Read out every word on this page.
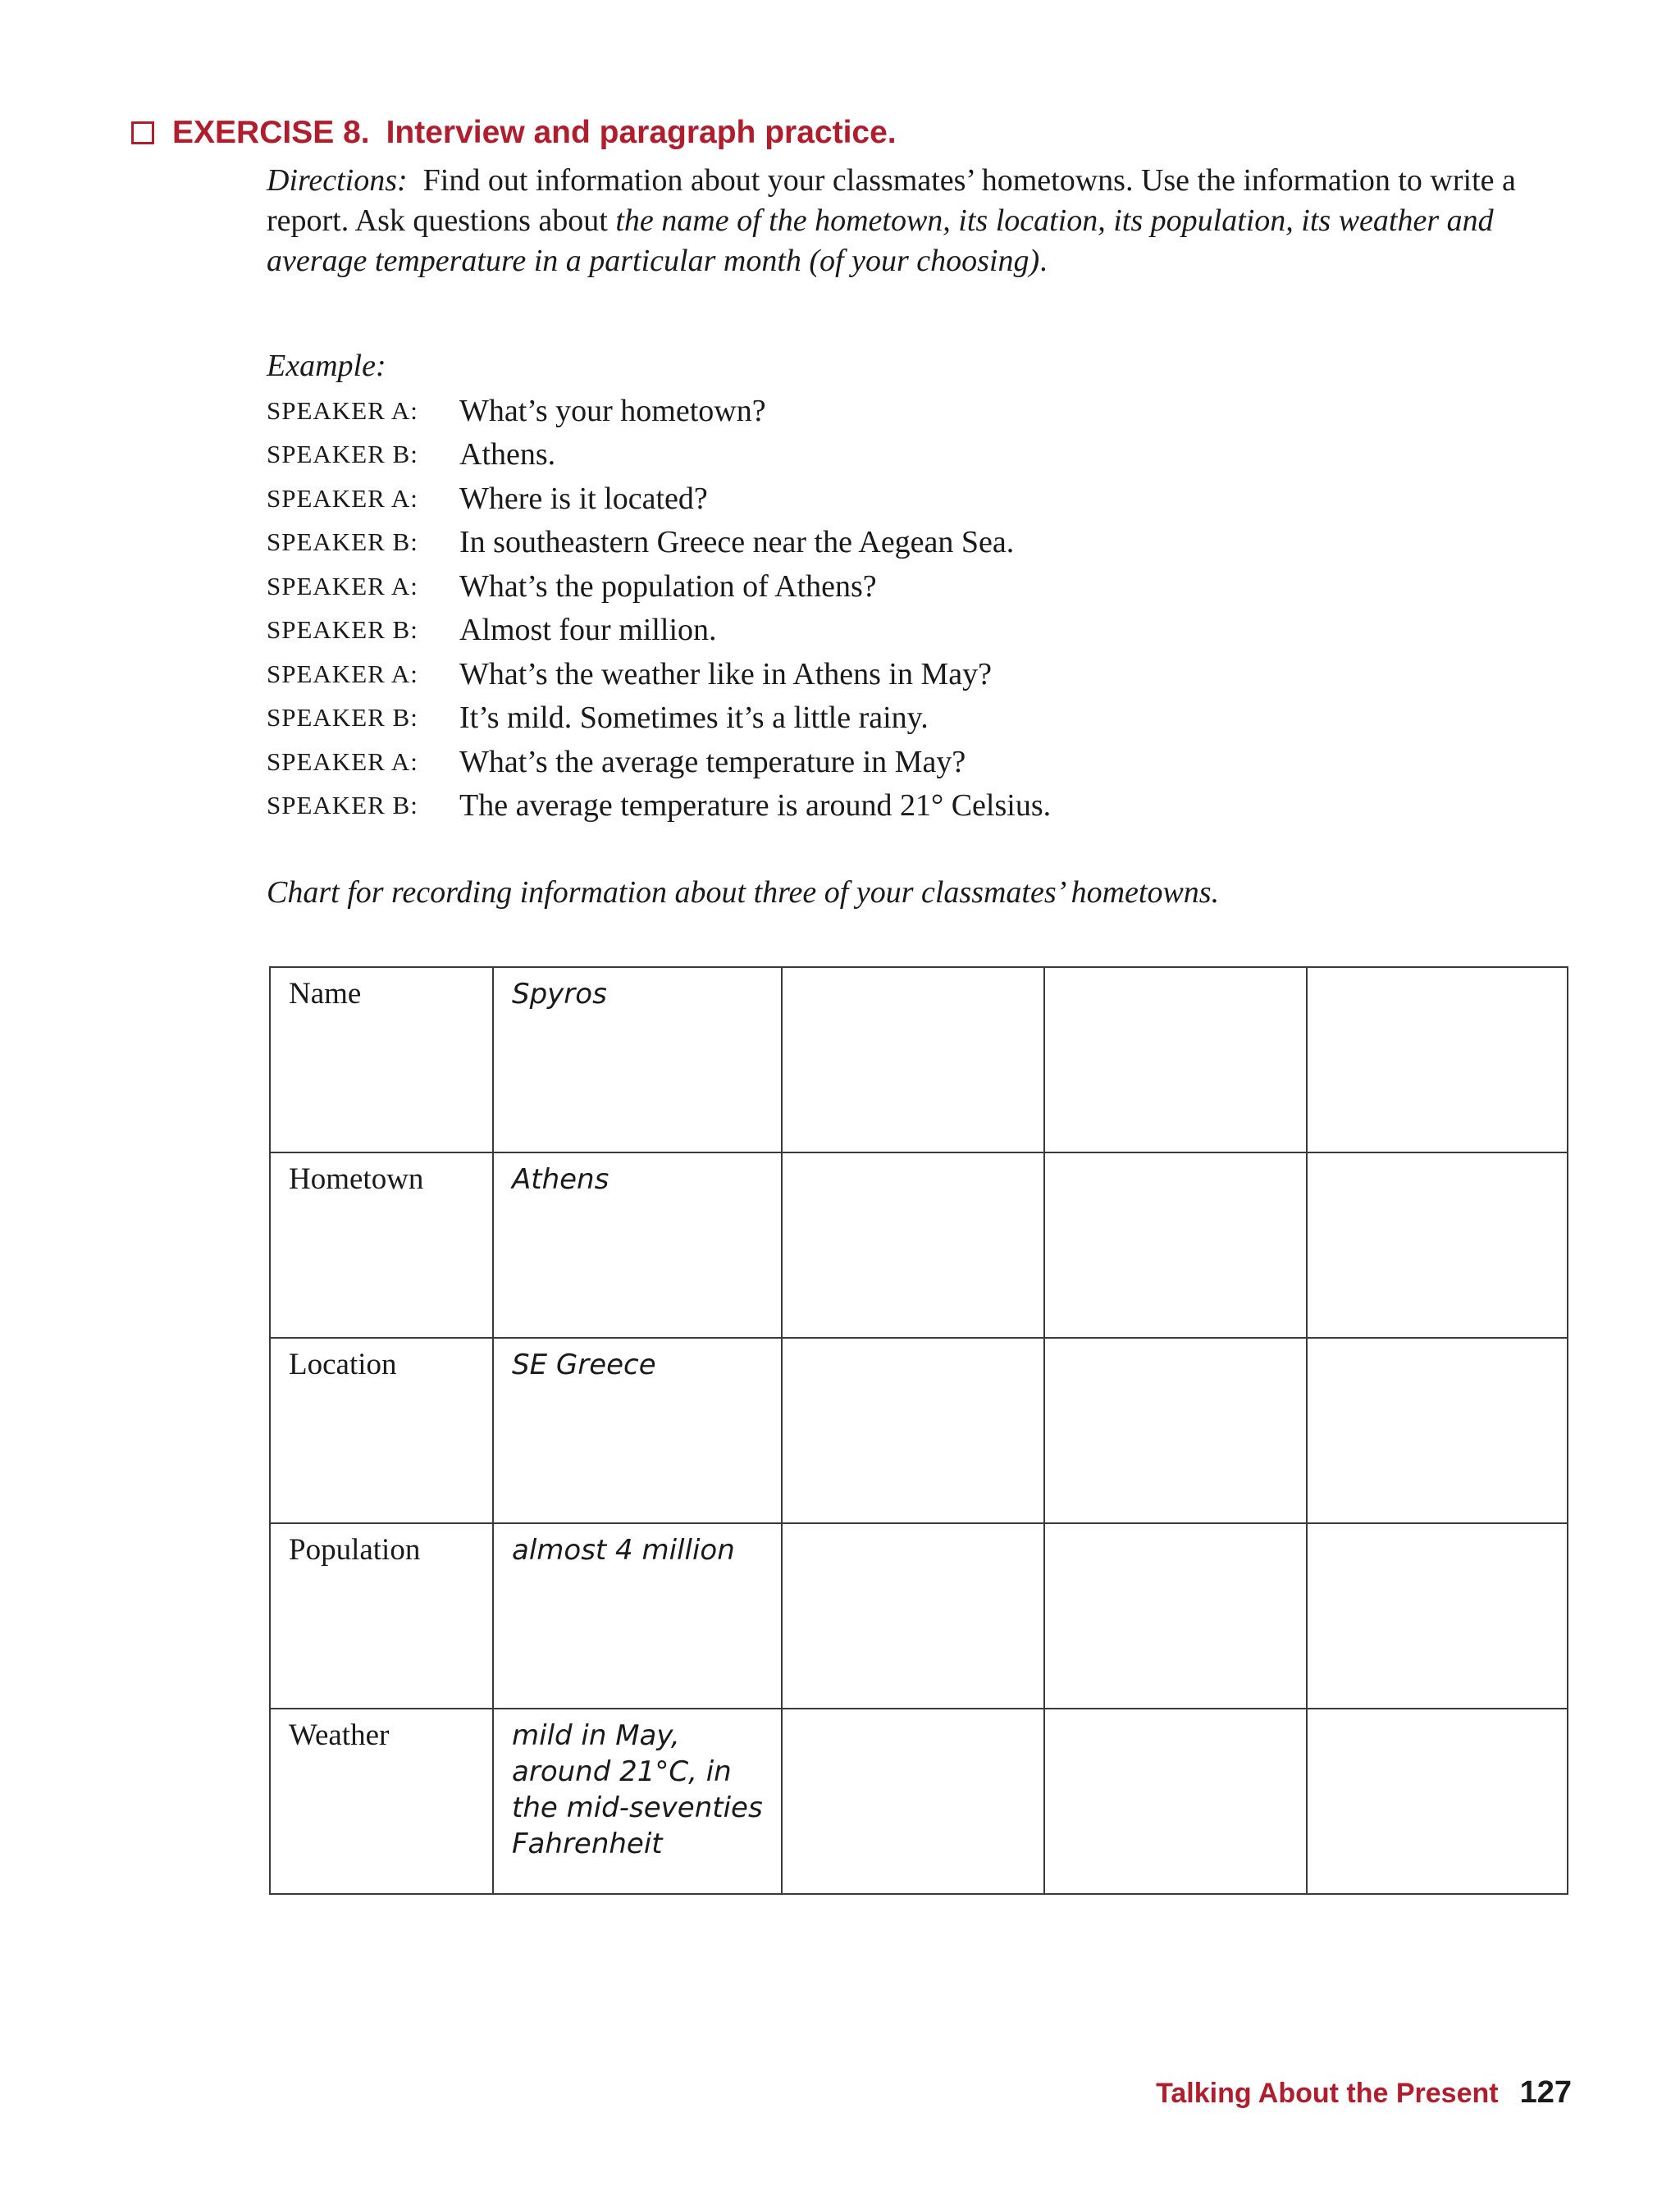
EXERCISE 8. Interview and paragraph practice.
Directions: Find out information about your classmates’ hometowns. Use the information to write a report. Ask questions about the name of the hometown, its location, its population, its weather and average temperature in a particular month (of your choosing).
Example:
SPEAKER A:	What’s your hometown?
SPEAKER B:	Athens.
SPEAKER A:	Where is it located?
SPEAKER B:	In southeastern Greece near the Aegean Sea.
SPEAKER A:	What’s the population of Athens?
SPEAKER B:	Almost four million.
SPEAKER A:	What’s the weather like in Athens in May?
SPEAKER B:	It’s mild. Sometimes it’s a little rainy.
SPEAKER A:	What’s the average temperature in May?
SPEAKER B:	The average temperature is around 21° Celsius.
Chart for recording information about three of your classmates’ hometowns.
Name	Spyros			

Hometown	Athens			

Location	SE Greece			

Population	almost 4 million			

Weather	mild in May,
around 21°C, in
the mid-seventies
Fahrenheit			

Talking About the Present 127
